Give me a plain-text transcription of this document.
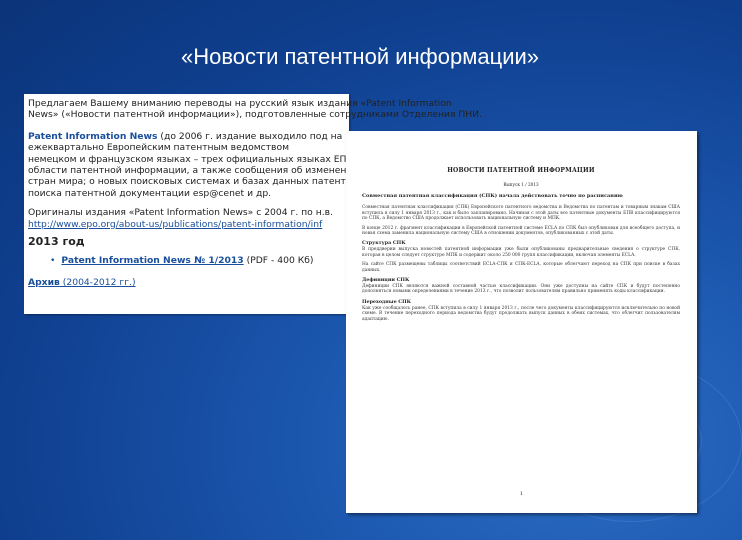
«Новости патентной информации»

Предлагаем Вашему вниманию переводы на русский язык издания «Patent Information

News» («Новости патентной информации»), подготовленные сотрудниками Отделения ПНИ.

Patent Information News (до 2006 г. издание выходило под на

ежеквартально Европейским патентным ведомством

немецком и французском языках – трех официальных языках ЕП

области патентной информации, а также сообщения об изменен

стран мира; о новых поисковых системах и базах данных патент

поиска патентной документации esp@cenet и др.

Оригиналы издания «Patent Information News» с 2004 г. по н.в.

http://www.epo.org/about-us/publications/patent-information/inf

2013 год

• Patent Information News № 1/2013 (PDF - 400 Кб)

Архив (2004-2012 гг.)

НОВОСТИ ПАТЕНТНОЙ ИНФОРМАЦИИ
Выпуск 1 / 2013
Совместная патентная классификация (СПК) начала действовать точно по расписанию
Совместная патентная классификация (СПК) Европейского патентного ведомства и Ведомства по патентам и товарным знакам США вступила в силу 1 января 2013 г., как и было запланировано. Начиная с этой даты все патентные документы ЕПВ классифицируются по СПК, а Ведомство США продолжает использовать национальную систему и МПК.
В конце 2012 г. фрагмент классификации в Европейской патентной системе ECLA по СПК был опубликован для всеобщего доступа, и новая схема заменила национальную систему США в отношении документов, опубликованных с этой даты.
Структура СПК
В преддверии выпуска новостей патентной информации уже были опубликованы предварительные сведения о структуре СПК, которая в целом следует структуре МПК и содержит около 250 000 групп классификации, включая элементы ECLA.
На сайте СПК размещены таблицы соответствий ECLA-СПК и СПК-ECLA, которые облегчают переход на СПК при поиске в базах данных.
Дефиниции СПК
Дефиниции СПК являются важной составной частью классификации. Они уже доступны на сайте СПК и будут постепенно дополняться новыми определениями в течение 2013 г., что позволит пользователям правильно применять коды классификации.
Переходные СПК
Как уже сообщалось ранее, СПК вступила в силу 1 января 2013 г., после чего документы классифицируются исключительно по новой схеме. В течение переходного периода ведомства будут продолжать выпуск данных в обеих системах, что облегчит пользователям адаптацию.
1
